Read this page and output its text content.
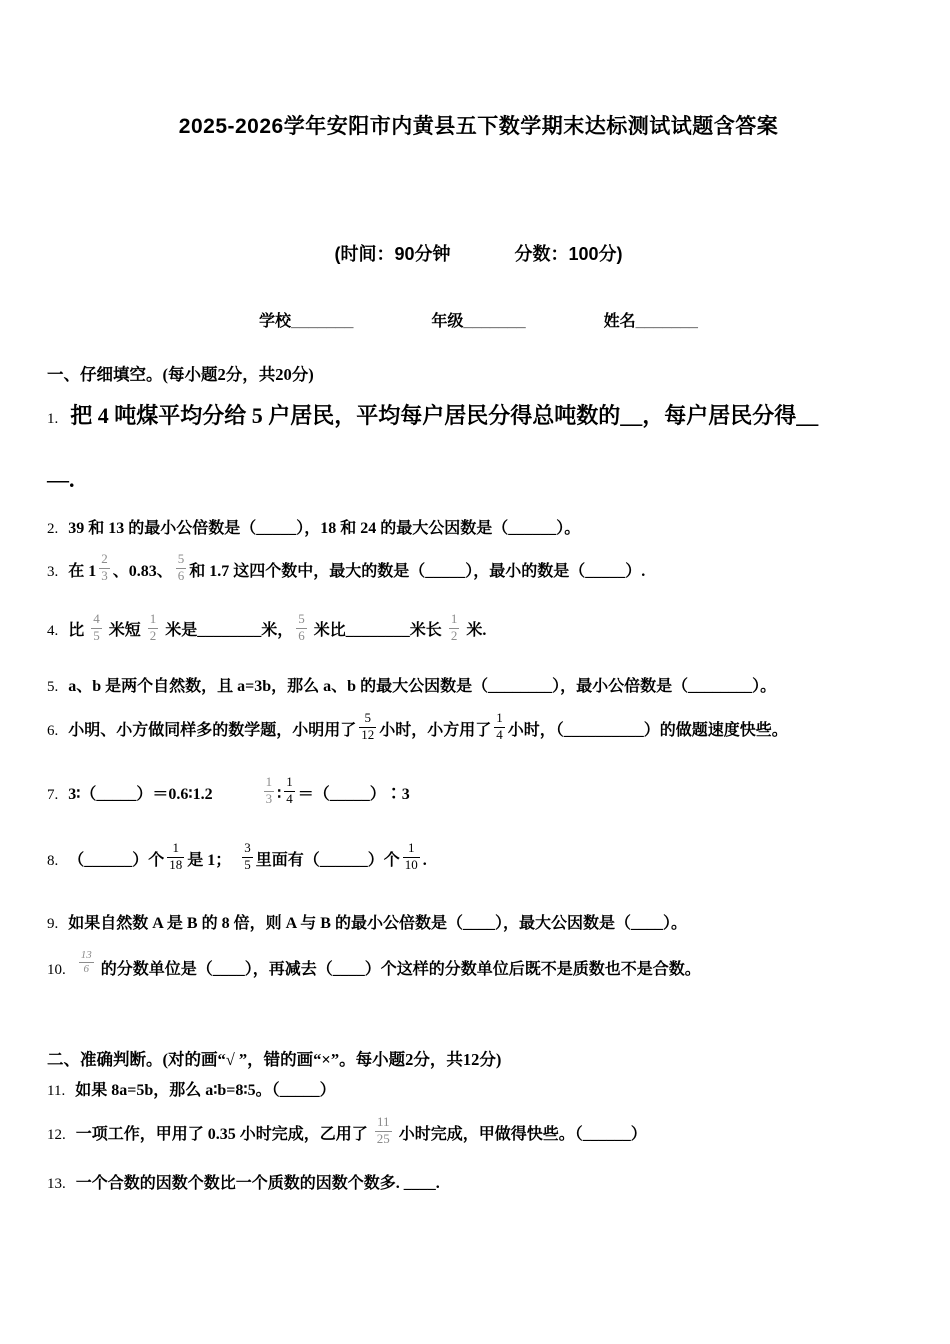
2025-2026学年安阳市内黄县五下数学期末达标测试试题含答案
(时间：90分钟	分数：100分)
学校_______	年级_______	姓名_______
一、仔细填空。(每小题2分，共20分)
1. 把 4 吨煤平均分给 5 户居民，平均每户居民分得总吨数的__，每户居民分得__
—.
2. 39 和 13 的最小公倍数是（_____），18 和 24 的最大公因数是（______）。
3. 在 $1 \frac{2}{3}$ 、0.83、 $\frac{5}{6}$ 和 1.7 这四个数中，最大的数是（_____），最小的数是（_____）.
4. 比 $\frac{4}{5}$ 米短 $\frac{1}{2}$ 米是________米， $\frac{5}{6}$ 米比________米长 $\frac{1}{2}$ 米.
5. a、b 是两个自然数，且 a=3b，那么 a、b 的最大公因数是（________），最小公倍数是（________）。
6. 小明、小方做同样多的数学题，小明用了 $\frac{5}{12}$ 小时，小方用了 $\frac{1}{4}$ 小时，（__________）的做题速度快些。
7. 3∶（_____）＝0.6∶1.2　　　 $\frac{1}{3}$ ∶ $\frac{1}{4}$ ＝（_____）∶3
8. （______）个 $\frac{1}{18}$ 是 1；　 $\frac{3}{5}$ 里面有（______）个 $\frac{1}{10}$ .
9. 如果自然数 A 是 B 的 8 倍，则 A 与 B 的最小公倍数是（____），最大公因数是（____）。
10. $\frac{13}{6}$ 的分数单位是（____），再减去（____）个这样的分数单位后既不是质数也不是合数。
二、准确判断。(对的画“√ ”，错的画“×”。每小题2分，共12分)
11. 如果 8a=5b，那么 a∶b=8∶5。（_____）
12. 一项工作，甲用了 0.35 小时完成，乙用了 $\frac{11}{25}$ 小时完成，甲做得快些。（______）
13. 一个合数的因数个数比一个质数的因数个数多. ____.
